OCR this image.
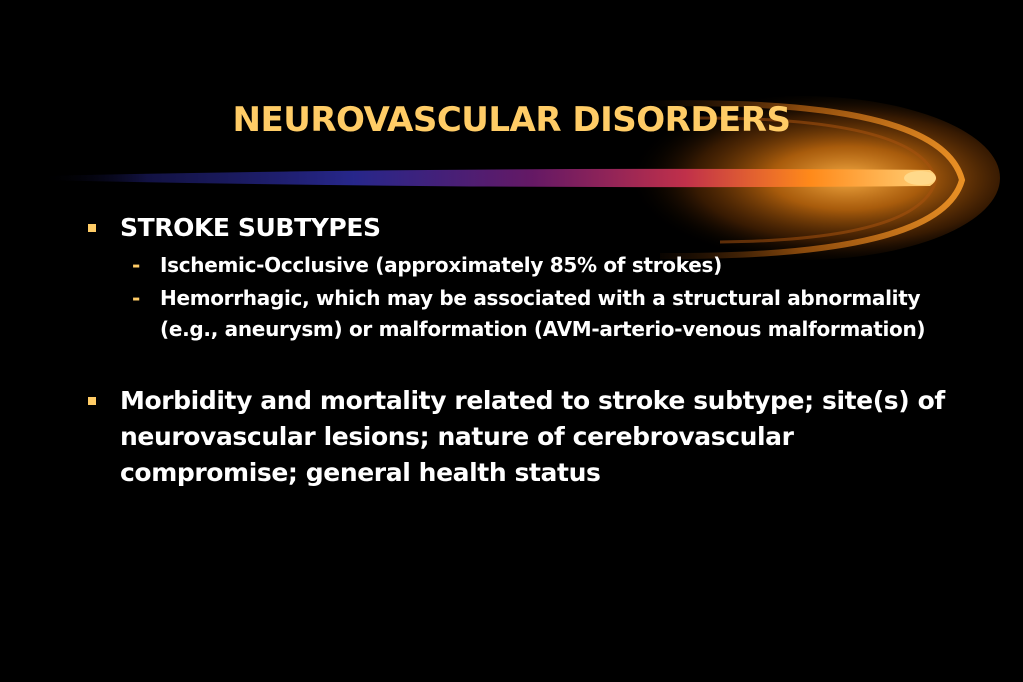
NEUROVASCULAR DISORDERS
STROKE SUBTYPES
- Ischemic-Occlusive (approximately 85% of strokes)
- Hemorrhagic, which may be associated with a structural abnormality (e.g., aneurysm) or malformation (AVM-arterio-venous malformation)
Morbidity and mortality related to stroke subtype; site(s) of neurovascular lesions; nature of cerebrovascular compromise; general health status
